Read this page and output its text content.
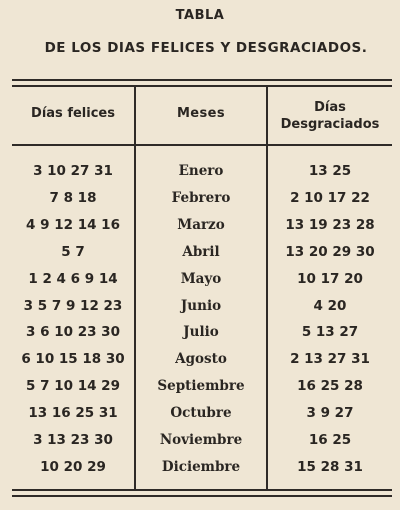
TABLA
DE LOS DIAS FELICES Y DESGRACIADOS.
Días felices	Meses	Días
Desgraciados
3 10 27 31	Enero	13 25
7 8 18	Febrero	2 10 17 22
4 9 12 14 16	Marzo	13 19 23 28
5 7	Abril	13 20 29 30
1 2 4 6 9 14	Mayo	10 17 20
3 5 7 9 12 23	Junio	4 20
3 6 10 23 30	Julio	5 13 27
6 10 15 18 30	Agosto	2 13 27 31
5 7 10 14 29	Septiembre	16 25 28
13 16 25 31	Octubre	3 9 27
3 13 23 30	Noviembre	16 25
10 20 29	Diciembre	15 28 31
